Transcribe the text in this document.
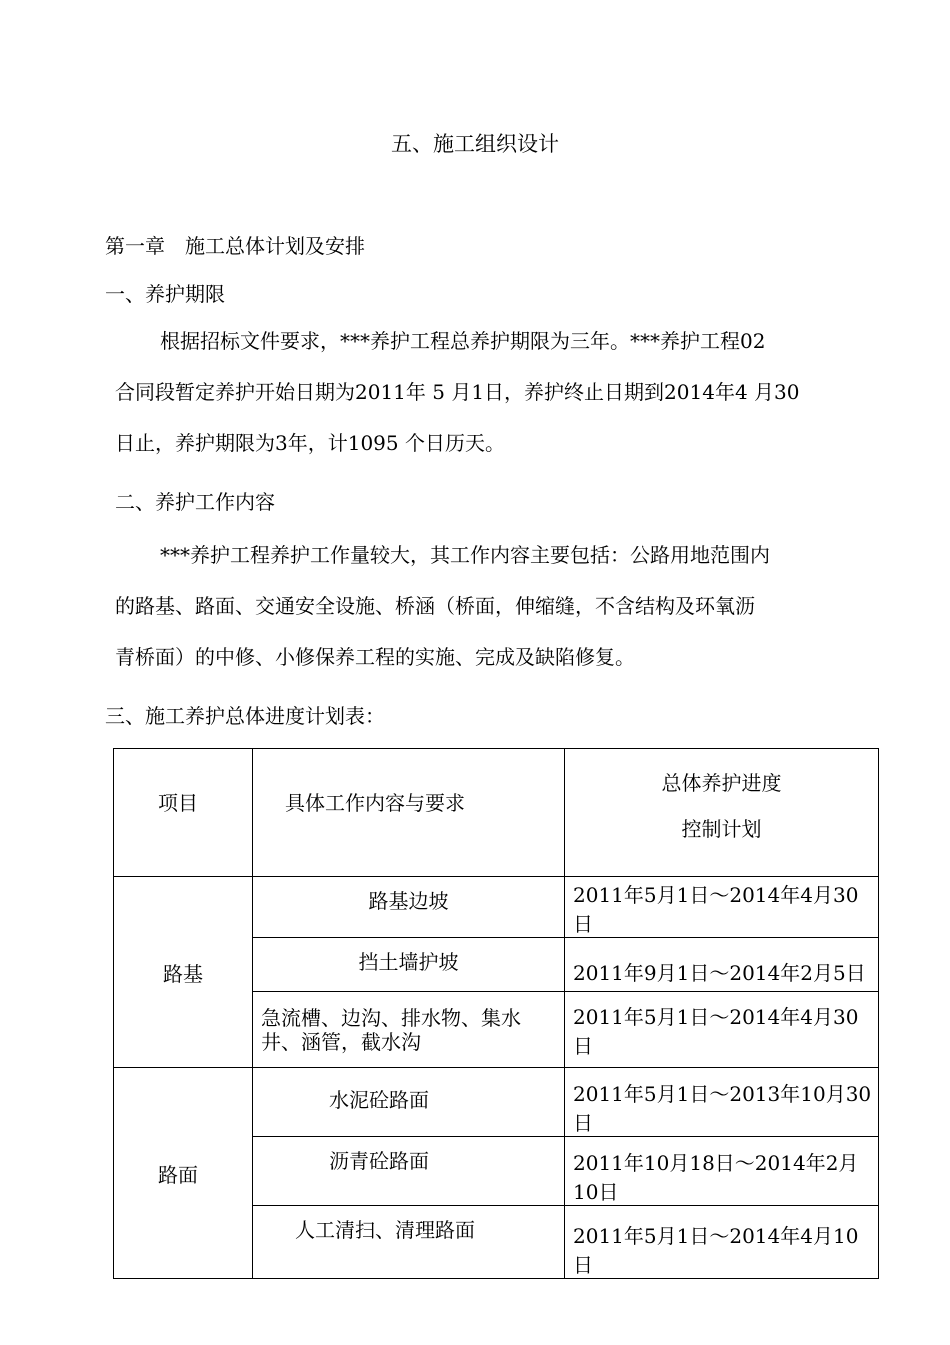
五、施工组织设计
第一章　施工总体计划及安排
一、养护期限
根据招标文件要求，***养护工程总养护期限为三年。***养护工程02
合同段暂定养护开始日期为2011年 5 月1日，养护终止日期到2014年4 月30
日止，养护期限为3年，计1095 个日历天。
二、养护工作内容
***养护工程养护工作量较大，其工作内容主要包括：公路用地范围内
的路基、路面、交通安全设施、桥涵（桥面，伸缩缝，不含结构及环氧沥
青桥面）的中修、小修保养工程的实施、完成及缺陷修复。
三、施工养护总体进度计划表：
项目	具体工作内容与要求	总体养护进度
控制计划

路基	路基边坡	2011年5月1日～2014年4月30日
	挡土墙护坡	2011年9月1日～2014年2月5日
	急流槽、边沟、排水物、集水井、涵管，截水沟	2011年5月1日～2014年4月30日

路面	水泥砼路面	2011年5月1日～2013年10月30日
	沥青砼路面	2011年10月18日～2014年2月10日
	人工清扫、清理路面	2011年5月1日～2014年4月10日
